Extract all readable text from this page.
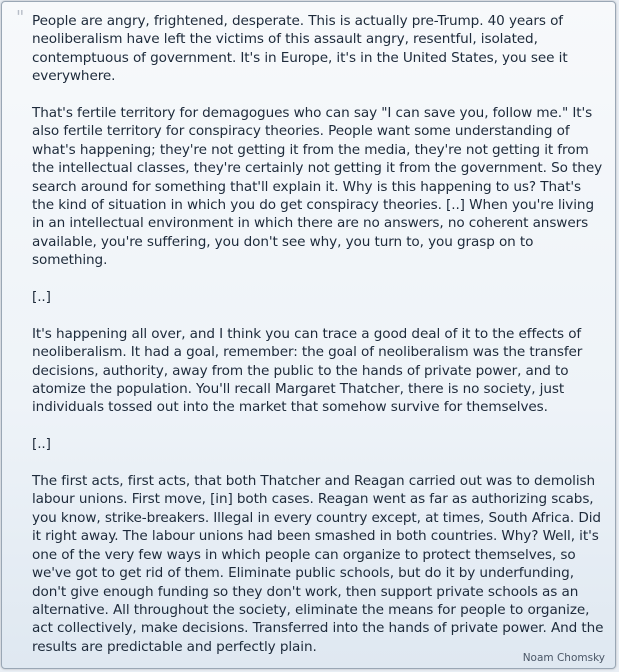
" People are angry, frightened, desperate. This is actually pre-Trump. 40 years of neoliberalism have left the victims of this assault angry, resentful, isolated, contemptuous of government. It's in Europe, it's in the United States, you see it everywhere.

That's fertile territory for demagogues who can say "I can save you, follow me." It's also fertile territory for conspiracy theories. People want some understanding of what's happening; they're not getting it from the media, they're not getting it from the intellectual classes, they're certainly not getting it from the government. So they search around for something that'll explain it. Why is this happening to us? That's the kind of situation in which you do get conspiracy theories. [..] When you're living in an intellectual environment in which there are no answers, no coherent answers available, you're suffering, you don't see why, you turn to, you grasp on to something.

[..]

It's happening all over, and I think you can trace a good deal of it to the effects of neoliberalism. It had a goal, remember: the goal of neoliberalism was the transfer decisions, authority, away from the public to the hands of private power, and to atomize the population. You'll recall Margaret Thatcher, there is no society, just individuals tossed out into the market that somehow survive for themselves.

[..]

The first acts, first acts, that both Thatcher and Reagan carried out was to demolish labour unions. First move, [in] both cases. Reagan went as far as authorizing scabs, you know, strike-breakers. Illegal in every country except, at times, South Africa. Did it right away. The labour unions had been smashed in both countries. Why? Well, it's one of the very few ways in which people can organize to protect themselves, so we've got to get rid of them. Eliminate public schools, but do it by underfunding, don't give enough funding so they don't work, then support private schools as an alternative. All throughout the society, eliminate the means for people to organize, act collectively, make decisions. Transferred into the hands of private power. And the results are predictable and perfectly plain.

Noam Chomsky
